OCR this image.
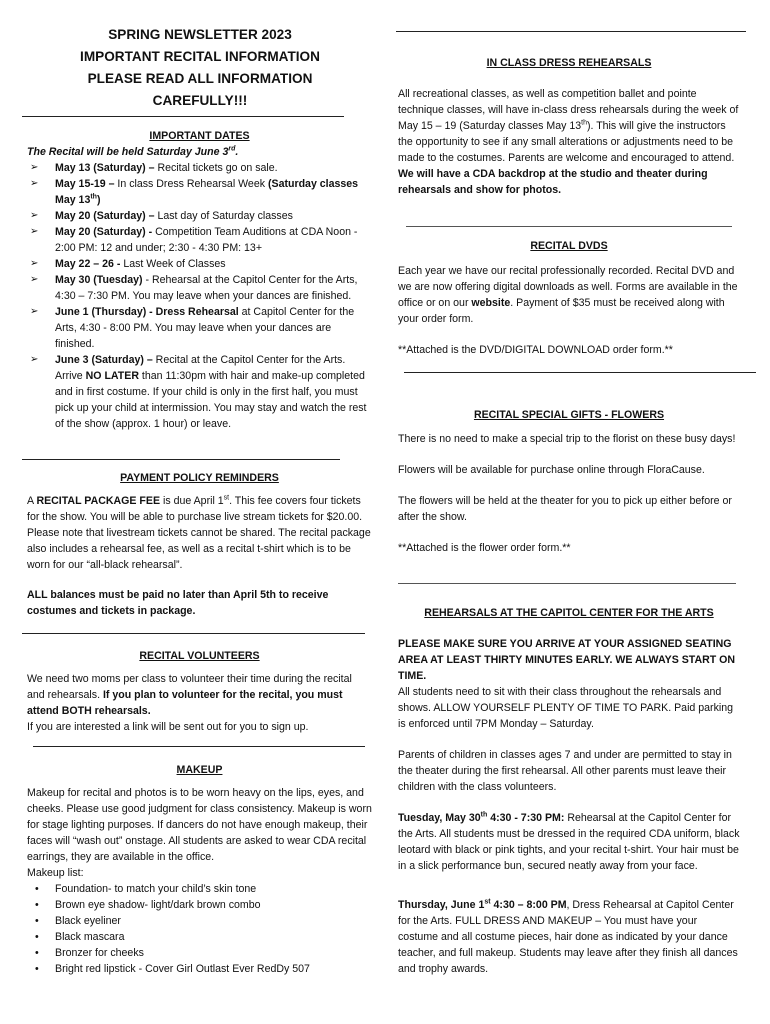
SPRING NEWSLETTER 2023
IMPORTANT RECITAL INFORMATION
PLEASE READ ALL INFORMATION
CAREFULLY!!!
IMPORTANT DATES

The Recital will be held Saturday June 3rd.

➢ May 13 (Saturday) – Recital tickets go on sale.
➢ May 15-19 – In class Dress Rehearsal Week (Saturday classes May 13th)
➢ May 20 (Saturday) – Last day of Saturday classes
➢ May 20 (Saturday) - Competition Team Auditions at CDA Noon - 2:00 PM: 12 and under; 2:30 - 4:30 PM: 13+
➢ May 22 – 26 - Last Week of Classes
➢ May 30 (Tuesday) - Rehearsal at the Capitol Center for the Arts, 4:30 – 7:30 PM. You may leave when your dances are finished.
➢ June 1 (Thursday) - Dress Rehearsal at Capitol Center for the Arts, 4:30 - 8:00 PM. You may leave when your dances are finished.
➢ June 3 (Saturday) – Recital at the Capitol Center for the Arts. Arrive NO LATER than 11:30pm with hair and make-up completed and in first costume. If your child is only in the first half, you must pick up your child at intermission. You may stay and watch the rest of the show (approx. 1 hour) or leave.
PAYMENT POLICY REMINDERS

A RECITAL PACKAGE FEE is due April 1st. This fee covers four tickets for the show. You will be able to purchase live stream tickets for $20.00. Please note that livestream tickets cannot be shared. The recital package also includes a rehearsal fee, as well as a recital t-shirt which is to be worn for our “all-black rehearsal”.

ALL balances must be paid no later than April 5th to receive costumes and tickets in package.

RECITAL VOLUNTEERS

We need two moms per class to volunteer their time during the recital and rehearsals. If you plan to volunteer for the recital, you must attend BOTH rehearsals.

If you are interested a link will be sent out for you to sign up.

MAKEUP

Makeup for recital and photos is to be worn heavy on the lips, eyes, and cheeks. Please use good judgment for class consistency. Makeup is worn for stage lighting purposes. If dancers do not have enough makeup, their faces will “wash out” onstage. All students are asked to wear CDA recital earrings, they are available in the office.

Makeup list:

• Foundation- to match your child’s skin tone
• Brown eye shadow- light/dark brown combo
• Black eyeliner
• Black mascara
• Bronzer for cheeks
• Bright red lipstick - Cover Girl Outlast Ever RedDy 507
IN CLASS DRESS REHEARSALS

All recreational classes, as well as competition ballet and pointe technique classes, will have in-class dress rehearsals during the week of May 15 – 19 (Saturday classes May 13th). This will give the instructors the opportunity to see if any small alterations or adjustments need to be made to the costumes. Parents are welcome and encouraged to attend.

We will have a CDA backdrop at the studio and theater during rehearsals and show for photos.

RECITAL DVDS

Each year we have our recital professionally recorded. Recital DVD and we are now offering digital downloads as well. Forms are available in the office or on our website. Payment of $35 must be received along with your order form.

**Attached is the DVD/DIGITAL DOWNLOAD order form.**

RECITAL SPECIAL GIFTS - FLOWERS

There is no need to make a special trip to the florist on these busy days!

Flowers will be available for purchase online through FloraCause.

The flowers will be held at the theater for you to pick up either before or after the show.

**Attached is the flower order form.**

REHEARSALS AT THE CAPITOL CENTER FOR THE ARTS

PLEASE MAKE SURE YOU ARRIVE AT YOUR ASSIGNED SEATING AREA AT LEAST THIRTY MINUTES EARLY. WE ALWAYS START ON TIME.

All students need to sit with their class throughout the rehearsals and shows. ALLOW YOURSELF PLENTY OF TIME TO PARK. Paid parking is enforced until 7PM Monday – Saturday.

Parents of children in classes ages 7 and under are permitted to stay in the theater during the first rehearsal. All other parents must leave their children with the class volunteers.

Tuesday, May 30th 4:30 - 7:30 PM: Rehearsal at the Capitol Center for the Arts. All students must be dressed in the required CDA uniform, black leotard with black or pink tights, and your recital t-shirt. Your hair must be in a slick performance bun, secured neatly away from your face.

Thursday, June 1st 4:30 – 8:00 PM, Dress Rehearsal at Capitol Center for the Arts. FULL DRESS AND MAKEUP – You must have your costume and all costume pieces, hair done as indicated by your dance teacher, and full makeup. Students may leave after they finish all dances and trophy awards.
